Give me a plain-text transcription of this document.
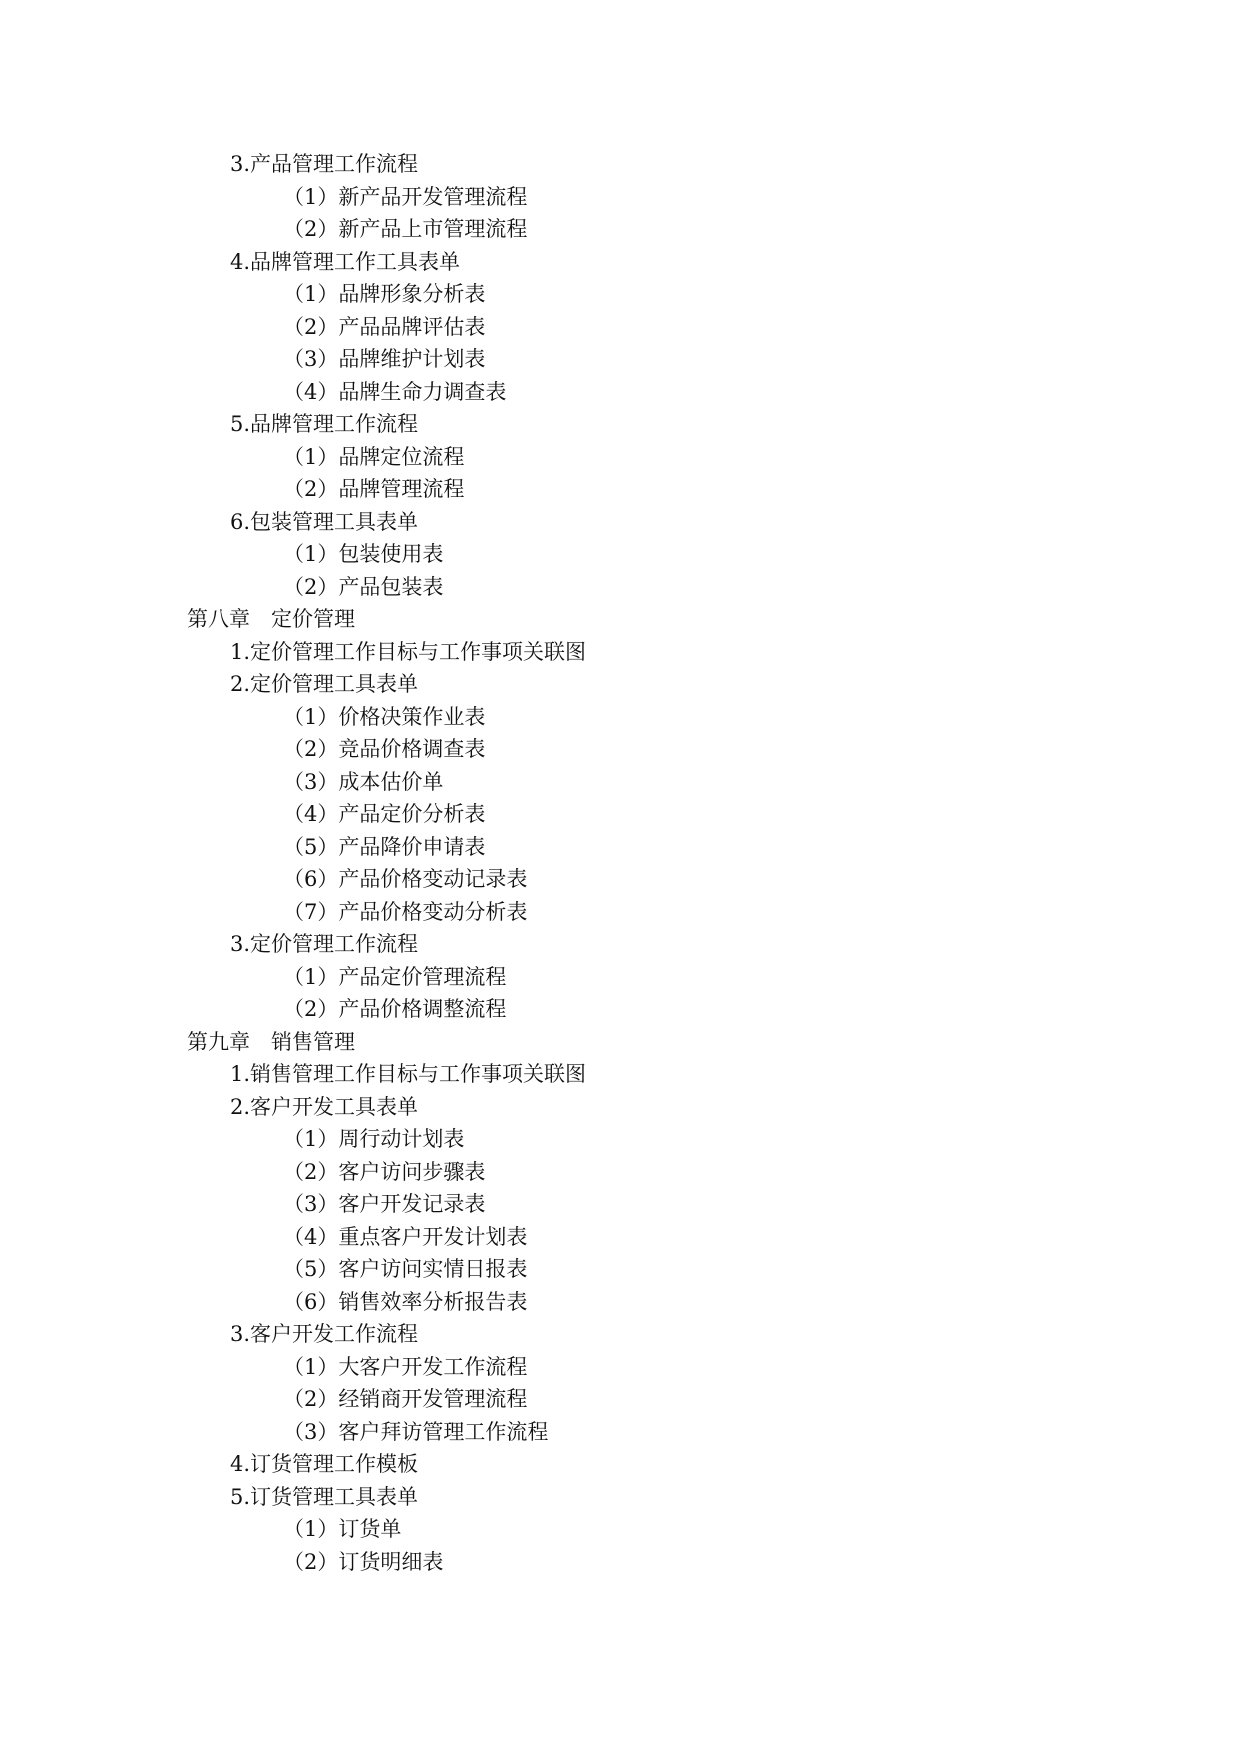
3.产品管理工作流程
（1）新产品开发管理流程
（2）新产品上市管理流程
4.品牌管理工作工具表单
（1）品牌形象分析表
（2）产品品牌评估表
（3）品牌维护计划表
（4）品牌生命力调查表
5.品牌管理工作流程
（1）品牌定位流程
（2）品牌管理流程
6.包装管理工具表单
（1）包装使用表
（2）产品包装表
第八章　定价管理
1.定价管理工作目标与工作事项关联图
2.定价管理工具表单
（1）价格决策作业表
（2）竞品价格调查表
（3）成本估价单
（4）产品定价分析表
（5）产品降价申请表
（6）产品价格变动记录表
（7）产品价格变动分析表
3.定价管理工作流程
（1）产品定价管理流程
（2）产品价格调整流程
第九章　销售管理
1.销售管理工作目标与工作事项关联图
2.客户开发工具表单
（1）周行动计划表
（2）客户访问步骤表
（3）客户开发记录表
（4）重点客户开发计划表
（5）客户访问实情日报表
（6）销售效率分析报告表
3.客户开发工作流程
（1）大客户开发工作流程
（2）经销商开发管理流程
（3）客户拜访管理工作流程
4.订货管理工作模板
5.订货管理工具表单
（1）订货单
（2）订货明细表
